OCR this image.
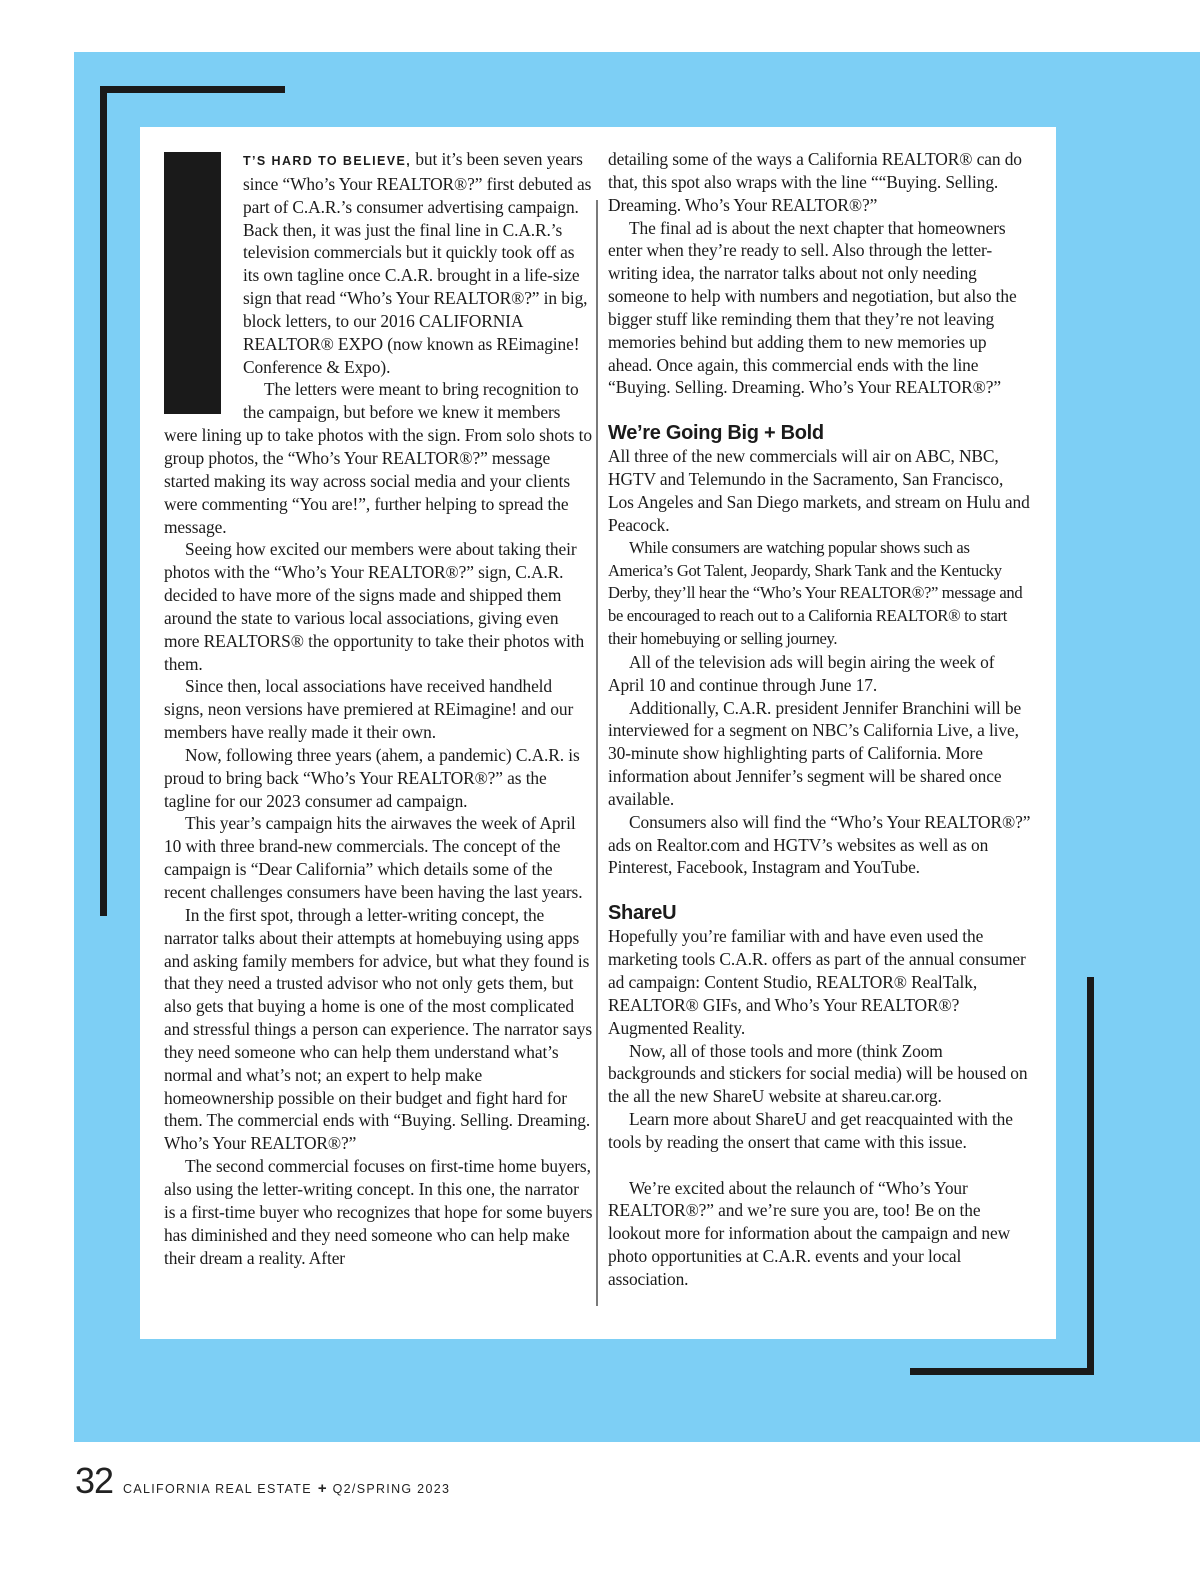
T’S HARD TO BELIEVE, but it’s been seven years since “Who’s Your REALTOR®?” first debuted as part of C.A.R.’s consumer advertising campaign. Back then, it was just the final line in C.A.R.’s television commercials but it quickly took off as its own tagline once C.A.R. brought in a life-size sign that read “Who’s Your REALTOR®?” in big, block letters, to our 2016 CALIFORNIA REALTOR® EXPO (now known as REimagine! Conference & Expo).

The letters were meant to bring recognition to the campaign, but before we knew it members were lining up to take photos with the sign. From solo shots to group photos, the “Who’s Your REALTOR®?” message started making its way across social media and your clients were commenting “You are!”, further helping to spread the message.

Seeing how excited our members were about taking their photos with the “Who’s Your REALTOR®?” sign, C.A.R. decided to have more of the signs made and shipped them around the state to various local associations, giving even more REALTORS® the opportunity to take their photos with them.

Since then, local associations have received handheld signs, neon versions have premiered at REimagine! and our members have really made it their own.

Now, following three years (ahem, a pandemic) C.A.R. is proud to bring back “Who’s Your REALTOR®?” as the tagline for our 2023 consumer ad campaign.

This year’s campaign hits the airwaves the week of April 10 with three brand-new commercials. The concept of the campaign is “Dear California” which details some of the recent challenges consumers have been having the last years.

In the first spot, through a letter-writing concept, the narrator talks about their attempts at homebuying using apps and asking family members for advice, but what they found is that they need a trusted advisor who not only gets them, but also gets that buying a home is one of the most complicated and stressful things a person can experience. The narrator says they need someone who can help them understand what’s normal and what’s not; an expert to help make homeownership possible on their budget and fight hard for them. The commercial ends with “Buying. Selling. Dreaming. Who’s Your REALTOR®?”

The second commercial focuses on first-time home buyers, also using the letter-writing concept. In this one, the narrator is a first-time buyer who recognizes that hope for some buyers has diminished and they need someone who can help make their dream a reality. After

detailing some of the ways a California REALTOR® can do that, this spot also wraps with the line ““Buying. Selling. Dreaming. Who’s Your REALTOR®?”

The final ad is about the next chapter that homeowners enter when they’re ready to sell. Also through the letter-writing idea, the narrator talks about not only needing someone to help with numbers and negotiation, but also the bigger stuff like reminding them that they’re not leaving memories behind but adding them to new memories up ahead. Once again, this commercial ends with the line “Buying. Selling. Dreaming. Who’s Your REALTOR®?”

We’re Going Big + Bold

All three of the new commercials will air on ABC, NBC, HGTV and Telemundo in the Sacramento, San Francisco, Los Angeles and San Diego markets, and stream on Hulu and Peacock.

While consumers are watching popular shows such as America’s Got Talent, Jeopardy, Shark Tank and the Kentucky Derby, they’ll hear the “Who’s Your REALTOR®?” message and be encouraged to reach out to a California REALTOR® to start their homebuying or selling journey.

All of the television ads will begin airing the week of April 10 and continue through June 17.

Additionally, C.A.R. president Jennifer Branchini will be interviewed for a segment on NBC’s California Live, a live, 30-minute show highlighting parts of California. More information about Jennifer’s segment will be shared once available.

Consumers also will find the “Who’s Your REALTOR®?” ads on Realtor.com and HGTV’s websites as well as on Pinterest, Facebook, Instagram and YouTube.

ShareU

Hopefully you’re familiar with and have even used the marketing tools C.A.R. offers as part of the annual consumer ad campaign: Content Studio, REALTOR® RealTalk, REALTOR® GIFs, and Who’s Your REALTOR®? Augmented Reality.

Now, all of those tools and more (think Zoom backgrounds and stickers for social media) will be housed on the all the new ShareU website at shareu.car.org.

Learn more about ShareU and get reacquainted with the tools by reading the onsert that came with this issue.

We’re excited about the relaunch of “Who’s Your REALTOR®?” and we’re sure you are, too! Be on the lookout more for information about the campaign and new photo opportunities at C.A.R. events and your local association.

32 CALIFORNIA REAL ESTATE + Q2/SPRING 2023
